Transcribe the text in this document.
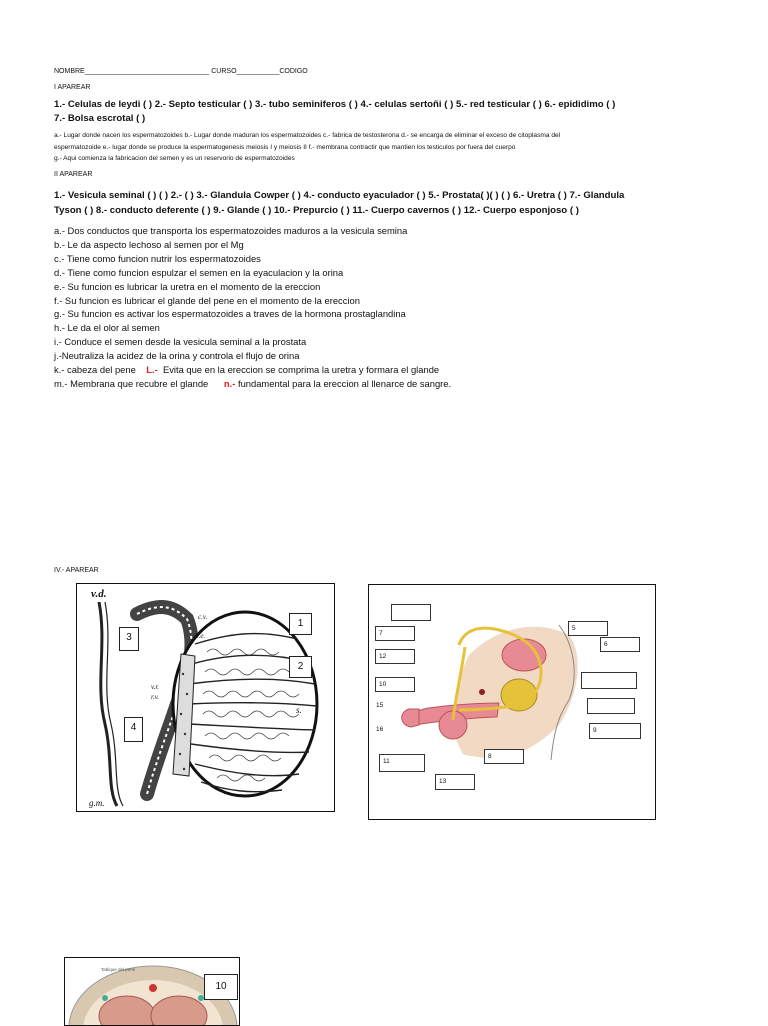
NOMBRE________________________________ CURSO___________CODIGO
I APAREAR
1.- Celulas de leydi ( ) 2.- Septo testicular ( ) 3.- tubo seminiferos ( ) 4.- celulas sertoñi ( ) 5.- red testicular ( ) 6.- epididimo ( )
7.- Bolsa escrotal ( )
a.- Lugar donde nacen los espermatozoides b.- Lugar donde maduran los espermatozoides c.- fabrica de testosterona d.- se encarga de eliminar el exceso de citoplasma del
espermatozoide e.- lugar donde se produce la espermatogenesis meiosis I y meiosis II f.- membrana contractir que mantien los testiculos por fuera del cuerpo
g.- Aqui comienza la fabricacion del semen y es un reservorio de espermatozoides
II APAREAR
1.- Vesicula seminal ( ) ( ) 2.- ( ) 3.- Glandula Cowper ( ) 4.- conducto eyaculador ( ) 5.- Prostata( )( ) ( ) 6.- Uretra ( ) 7.- Glandula
Tyson ( ) 8.- conducto deferente ( ) 9.- Glande ( ) 10.- Prepurcio ( ) 11.- Cuerpo cavernos ( ) 12.- Cuerpo esponjoso ( )
a.- Dos conductos que transporta los espermatozoides maduros a la vesicula semina
b.- Le da aspecto lechoso al semen por el Mg
c.- Tiene como funcion nutrir los espermatozoides
d.- Tiene como funcion espulzar el semen en la eyaculacion y la orina
e.- Su funcion es lubricar la uretra en el momento de la ereccion
f.- Su funcion es lubricar el glande del pene en el momento de la ereccion
g.- Su funcion es activar los espermatozoides a traves de la hormona prostaglandina
h.- Le da el olor al semen
i.- Conduce el semen desde la vesicula seminal a la prostata
j.-Neutraliza la acidez de la orina y controla el flujo de orina
k.- cabeza del pene L.- Evita que en la ereccion se comprima la uretra y formara el glande
m.- Membrana que recubre el glande n.- fundamental para la ereccion al llenarce de sangre.
IV.- APAREAR
v.d.
c.v.
v.e.
v.r.
r.v.
s.
g.m.
1
2
3
4
7
12
10
15
16
11
13
8
5
6
9
Tabique del pene
10
